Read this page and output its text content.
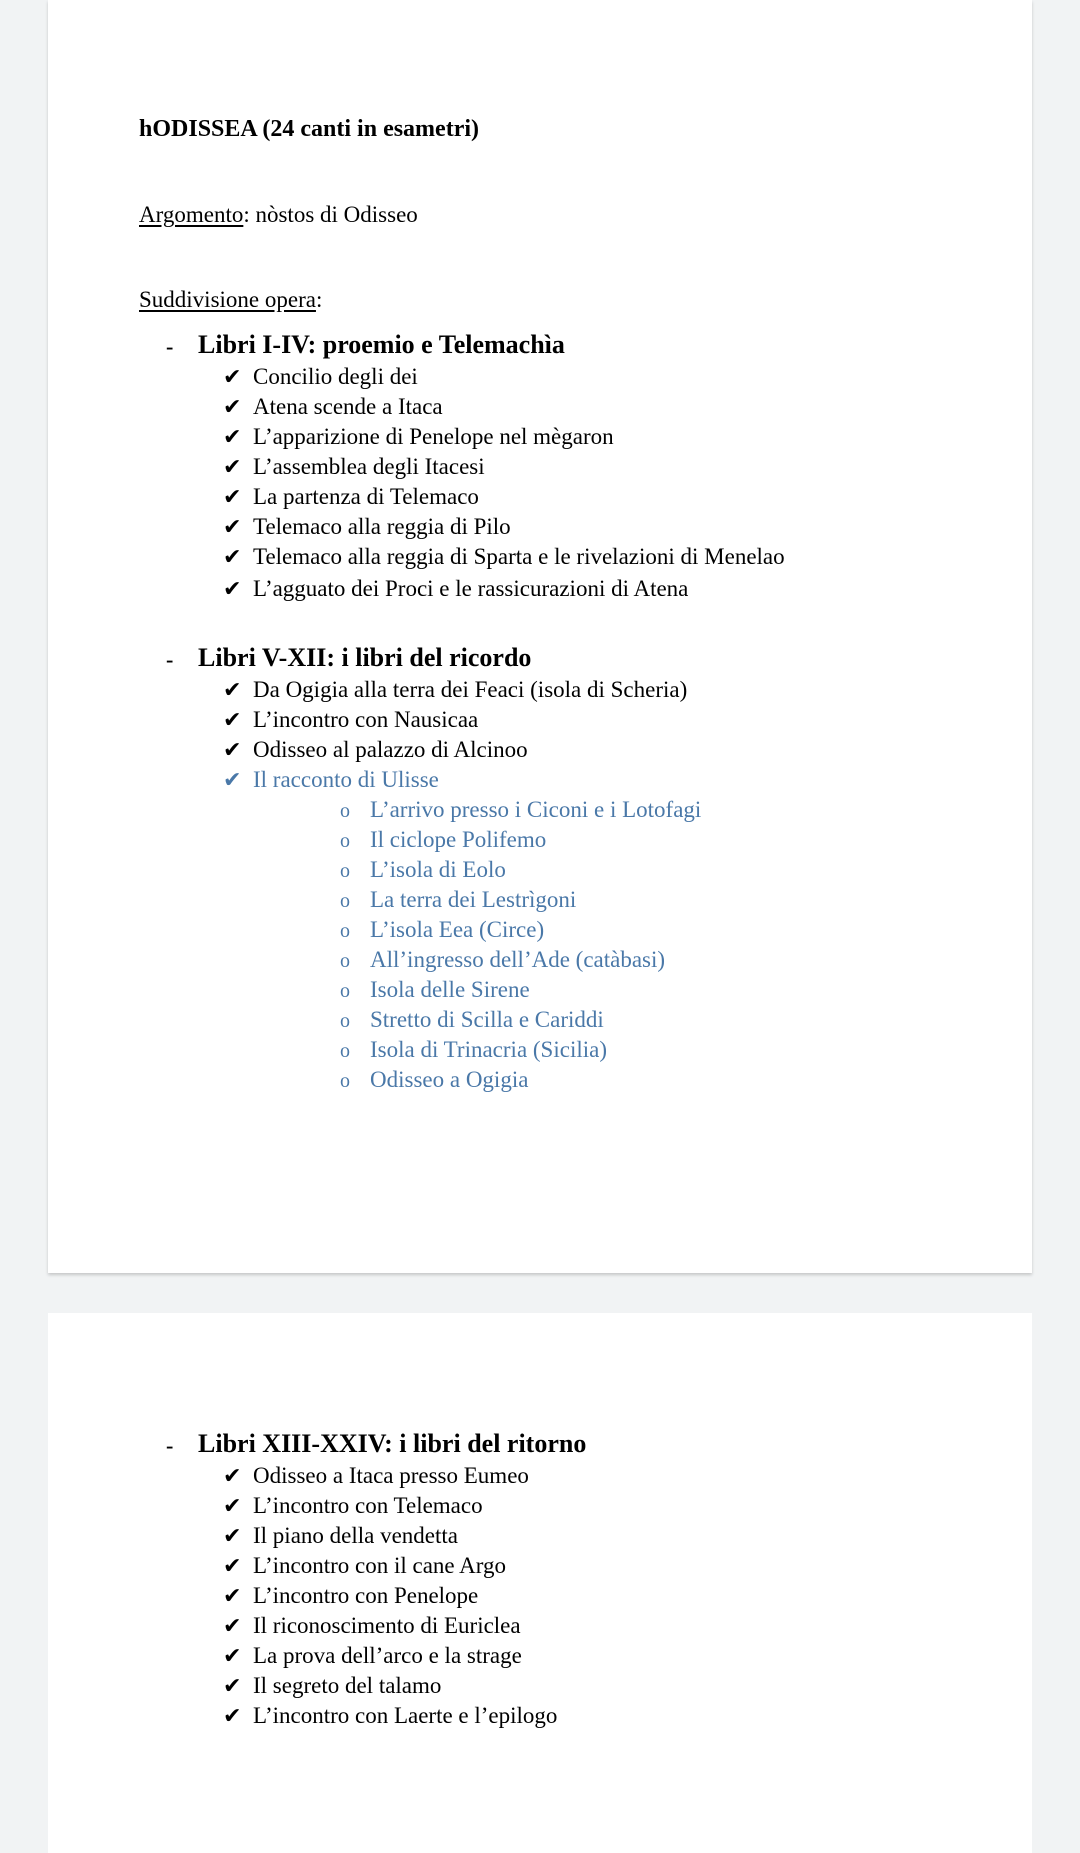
hODISSEA (24 canti in esametri)
Argomento: nòstos di Odisseo
Suddivisione opera:
- Libri I-IV: proemio e Telemachìa
✔ Concilio degli dei
✔ Atena scende a Itaca
✔ L’apparizione di Penelope nel mègaron
✔ L’assemblea degli Itacesi
✔ La partenza di Telemaco
✔ Telemaco alla reggia di Pilo
✔ Telemaco alla reggia di Sparta e le rivelazioni di Menelao
✔ L’agguato dei Proci e le rassicurazioni di Atena
- Libri V-XII: i libri del ricordo
✔ Da Ogigia alla terra dei Feaci (isola di Scheria)
✔ L’incontro con Nausicaa
✔ Odisseo al palazzo di Alcinoo
✔ Il racconto di Ulisse
o L’arrivo presso i Ciconi e i Lotofagi
o Il ciclope Polifemo
o L’isola di Eolo
o La terra dei Lestrìgoni
o L’isola Eea (Circe)
o All’ingresso dell’Ade (catàbasi)
o Isola delle Sirene
o Stretto di Scilla e Cariddi
o Isola di Trinacria (Sicilia)
o Odisseo a Ogigia
- Libri XIII-XXIV: i libri del ritorno
✔ Odisseo a Itaca presso Eumeo
✔ L’incontro con Telemaco
✔ Il piano della vendetta
✔ L’incontro con il cane Argo
✔ L’incontro con Penelope
✔ Il riconoscimento di Euriclea
✔ La prova dell’arco e la strage
✔ Il segreto del talamo
✔ L’incontro con Laerte e l’epilogo
